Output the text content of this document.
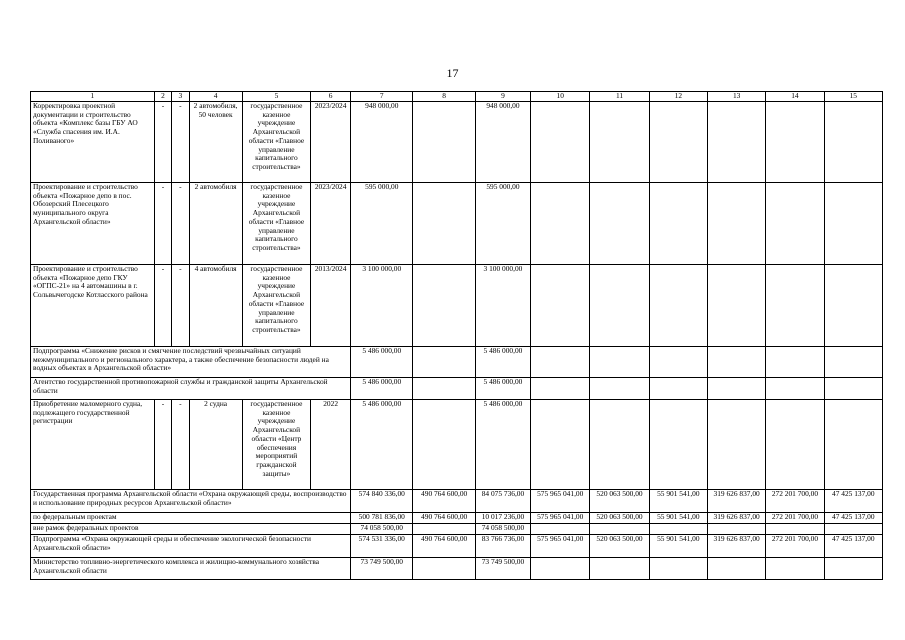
17
1	2	3	4	5	6	7	8	9	10	11	12	13	14	15
Корректировка проектной документации и строительство объекта «Комплекс базы ГБУ АО «Служба спасения им. И.А. Поливаного»	-	-	2 автомобиля, 50 человек	государственное казенное учреждение Архангельской области «Главное управление капитального строительства»	2023/2024	948 000,00		948 000,00						
Проектирование и строительство объекта «Пожарное депо в пос. Обозерский Плесецкого муниципального округа Архангельской области»	-	-	2 автомобиля	государственное казенное учреждение Архангельской области «Главное управление капитального строительства»	2023/2024	595 000,00		595 000,00						
Проектирование и строительство объекта «Пожарное депо ГКУ «ОГПС-21» на 4 автомашины в г. Сольвычегодске Котласского района	-	-	4 автомобиля	государственное казенное учреждение Архангельской области «Главное управление капитального строительства»	2013/2024	3 100 000,00		3 100 000,00						
Подпрограмма «Снижение рисков и смягчение последствий чрезвычайных ситуаций межмуниципального и регионального характера, а также обеспечение безопасности людей на водных объектах в Архангельской области»						5 486 000,00		5 486 000,00						
Агентство государственной противопожарной службы и гражданской защиты Архангельской области						5 486 000,00		5 486 000,00						
Приобретение маломерного судна, подлежащего государственной регистрации	-	-	2 судна	государственное казенное учреждение Архангельской области «Центр обеспечения мероприятий гражданской защиты»	2022	5 486 000,00		5 486 000,00						
Государственная программа Архангельской области «Охрана окружающей среды, воспроизводство и использование природных ресурсов Архангельской области»						574 840 336,00	490 764 600,00	84 075 736,00	575 965 041,00	520 063 500,00	55 901 541,00	319 626 837,00	272 201 700,00	47 425 137,00
по федеральным проектам						500 781 836,00	490 764 600,00	10 017 236,00	575 965 041,00	520 063 500,00	55 901 541,00	319 626 837,00	272 201 700,00	47 425 137,00
вне рамок федеральных проектов						74 058 500,00		74 058 500,00						
Подпрограмма «Охрана окружающей среды и обеспечение экологической безопасности Архангельской области»						574 531 336,00	490 764 600,00	83 766 736,00	575 965 041,00	520 063 500,00	55 901 541,00	319 626 837,00	272 201 700,00	47 425 137,00
Министерство топливно-энергетического комплекса и жилищно-коммунального хозяйства Архангельской области						73 749 500,00		73 749 500,00						
